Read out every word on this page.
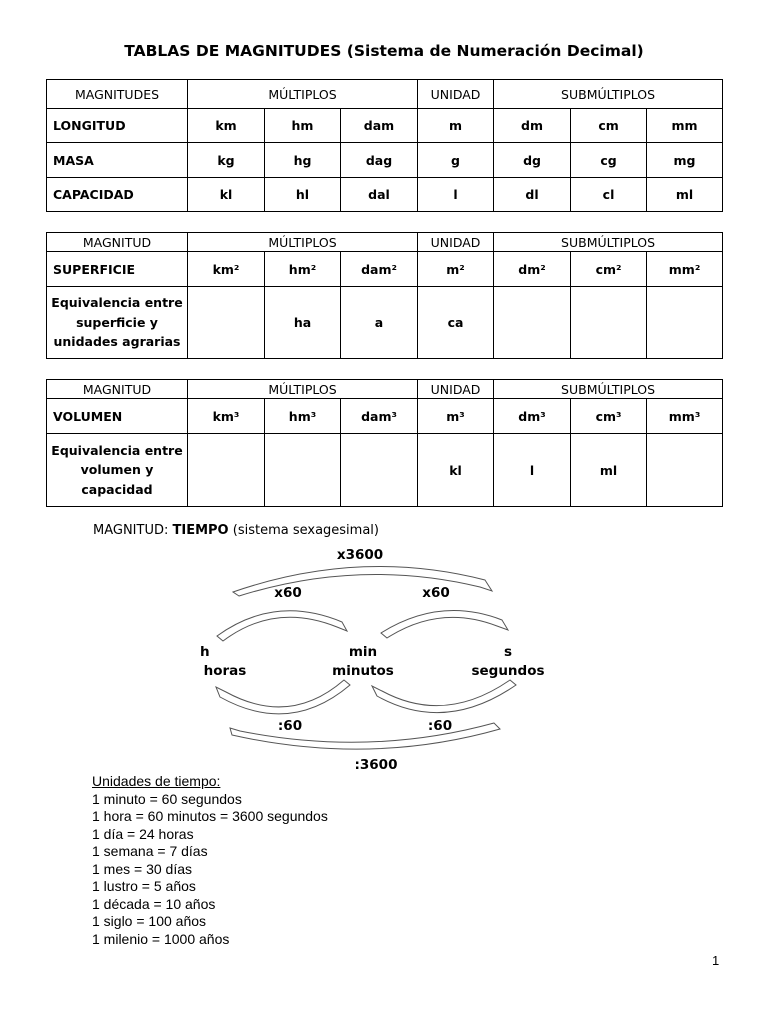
TABLAS DE MAGNITUDES (Sistema de Numeración Decimal)
MAGNITUDES	MÚLTIPLOS			UNIDAD	SUBMÚLTIPLOS		
LONGITUD	km	hm	dam	m	dm	cm	mm
MASA	kg	hg	dag	g	dg	cg	mg
CAPACIDAD	kl	hl	dal	l	dl	cl	ml
MAGNITUD	MÚLTIPLOS			UNIDAD	SUBMÚLTIPLOS		
SUPERFICIE	km²	hm²	dam²	m²	dm²	cm²	mm²

Equivalencia entre
superficie y
unidades agrarias		ha	a	ca			
MAGNITUD	MÚLTIPLOS			UNIDAD	SUBMÚLTIPLOS		
VOLUMEN	km³	hm³	dam³	m³	dm³	cm³	mm³

Equivalencia entre
volumen y
capacidad				kl	l	ml	
MAGNITUD: TIEMPO (sistema sexagesimal)
x3600
x60	x60
h
horas
min
minutos
s
segundos
:60	:60
:3600
Unidades de tiempo:
1 minuto = 60 segundos
1 hora = 60 minutos = 3600 segundos
1 día = 24 horas
1 semana = 7 días
1 mes = 30 días
1 lustro = 5 años
1 década = 10 años
1 siglo = 100 años
1 milenio = 1000 años
1
